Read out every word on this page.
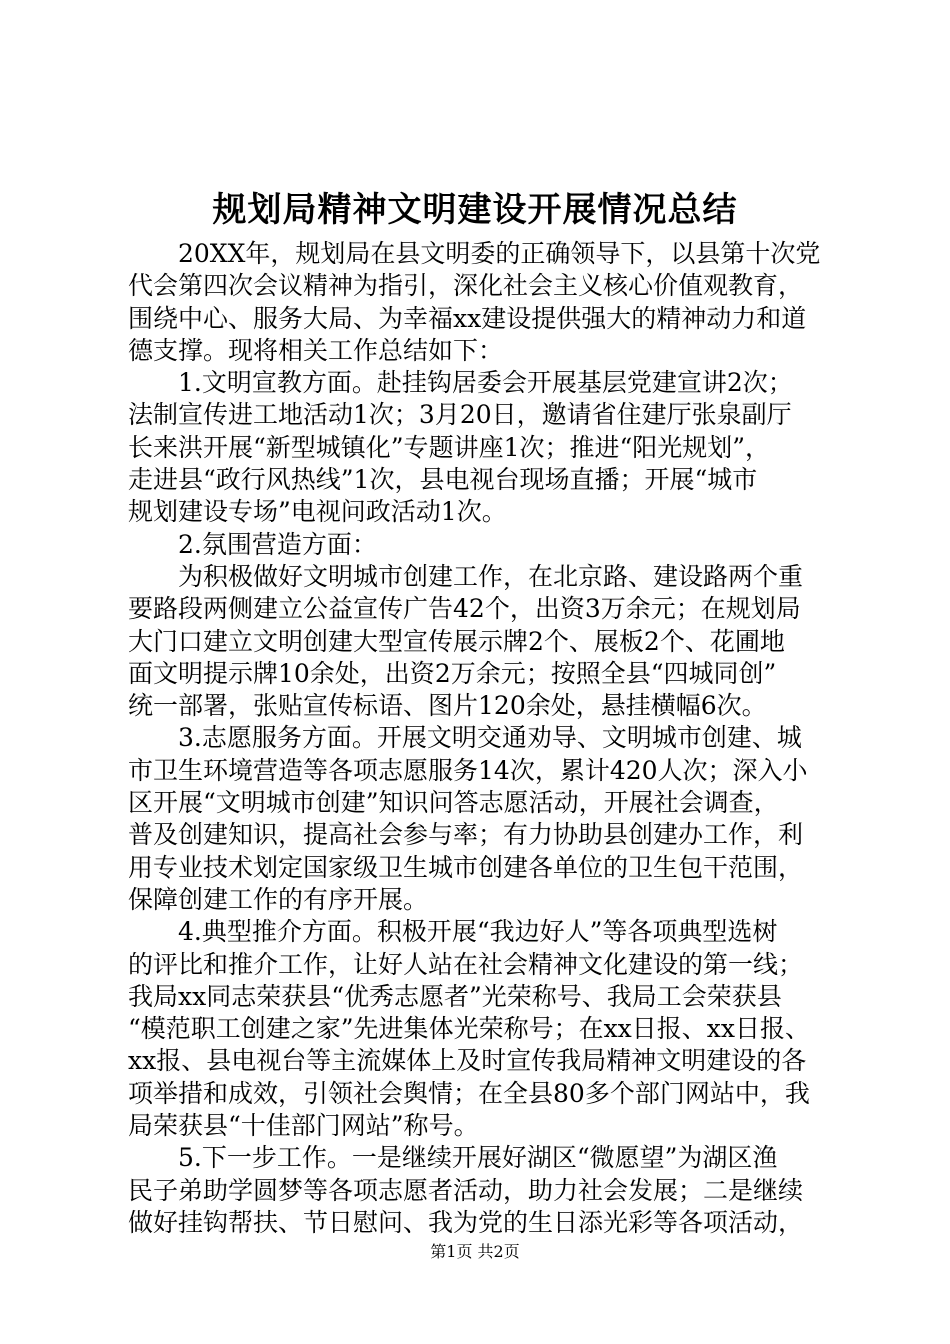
规划局精神文明建设开展情况总结
　　20XX年，规划局在县文明委的正确领导下，以县第十次党
代会第四次会议精神为指引，深化社会主义核心价值观教育，
围绕中心、服务大局、为幸福xx建设提供强大的精神动力和道
德支撑。现将相关工作总结如下：
　　1.文明宣教方面。赴挂钩居委会开展基层党建宣讲2次；
法制宣传进工地活动1次；3月20日，邀请省住建厅张泉副厅
长来洪开展“新型城镇化”专题讲座1次；推进“阳光规划”，
走进县“政行风热线”1次，县电视台现场直播；开展“城市
规划建设专场”电视问政活动1次。
　　2.氛围营造方面：
　　为积极做好文明城市创建工作，在北京路、建设路两个重
要路段两侧建立公益宣传广告42个，出资3万余元；在规划局
大门口建立文明创建大型宣传展示牌2个、展板2个、花圃地
面文明提示牌10余处，出资2万余元；按照全县“四城同创”
统一部署，张贴宣传标语、图片120余处，悬挂横幅6次。
　　3.志愿服务方面。开展文明交通劝导、文明城市创建、城
市卫生环境营造等各项志愿服务14次，累计420人次；深入小
区开展“文明城市创建”知识问答志愿活动，开展社会调查，
普及创建知识，提高社会参与率；有力协助县创建办工作，利
用专业技术划定国家级卫生城市创建各单位的卫生包干范围，
保障创建工作的有序开展。
　　4.典型推介方面。积极开展“我边好人”等各项典型选树
的评比和推介工作，让好人站在社会精神文化建设的第一线；
我局xx同志荣获县“优秀志愿者”光荣称号、我局工会荣获县
“模范职工创建之家”先进集体光荣称号；在xx日报、xx日报、
xx报、县电视台等主流媒体上及时宣传我局精神文明建设的各
项举措和成效，引领社会舆情；在全县80多个部门网站中，我
局荣获县“十佳部门网站”称号。
　　5.下一步工作。一是继续开展好湖区“微愿望”为湖区渔
民子弟助学圆梦等各项志愿者活动，助力社会发展；二是继续
做好挂钩帮扶、节日慰问、我为党的生日添光彩等各项活动，
第1页 共2页
